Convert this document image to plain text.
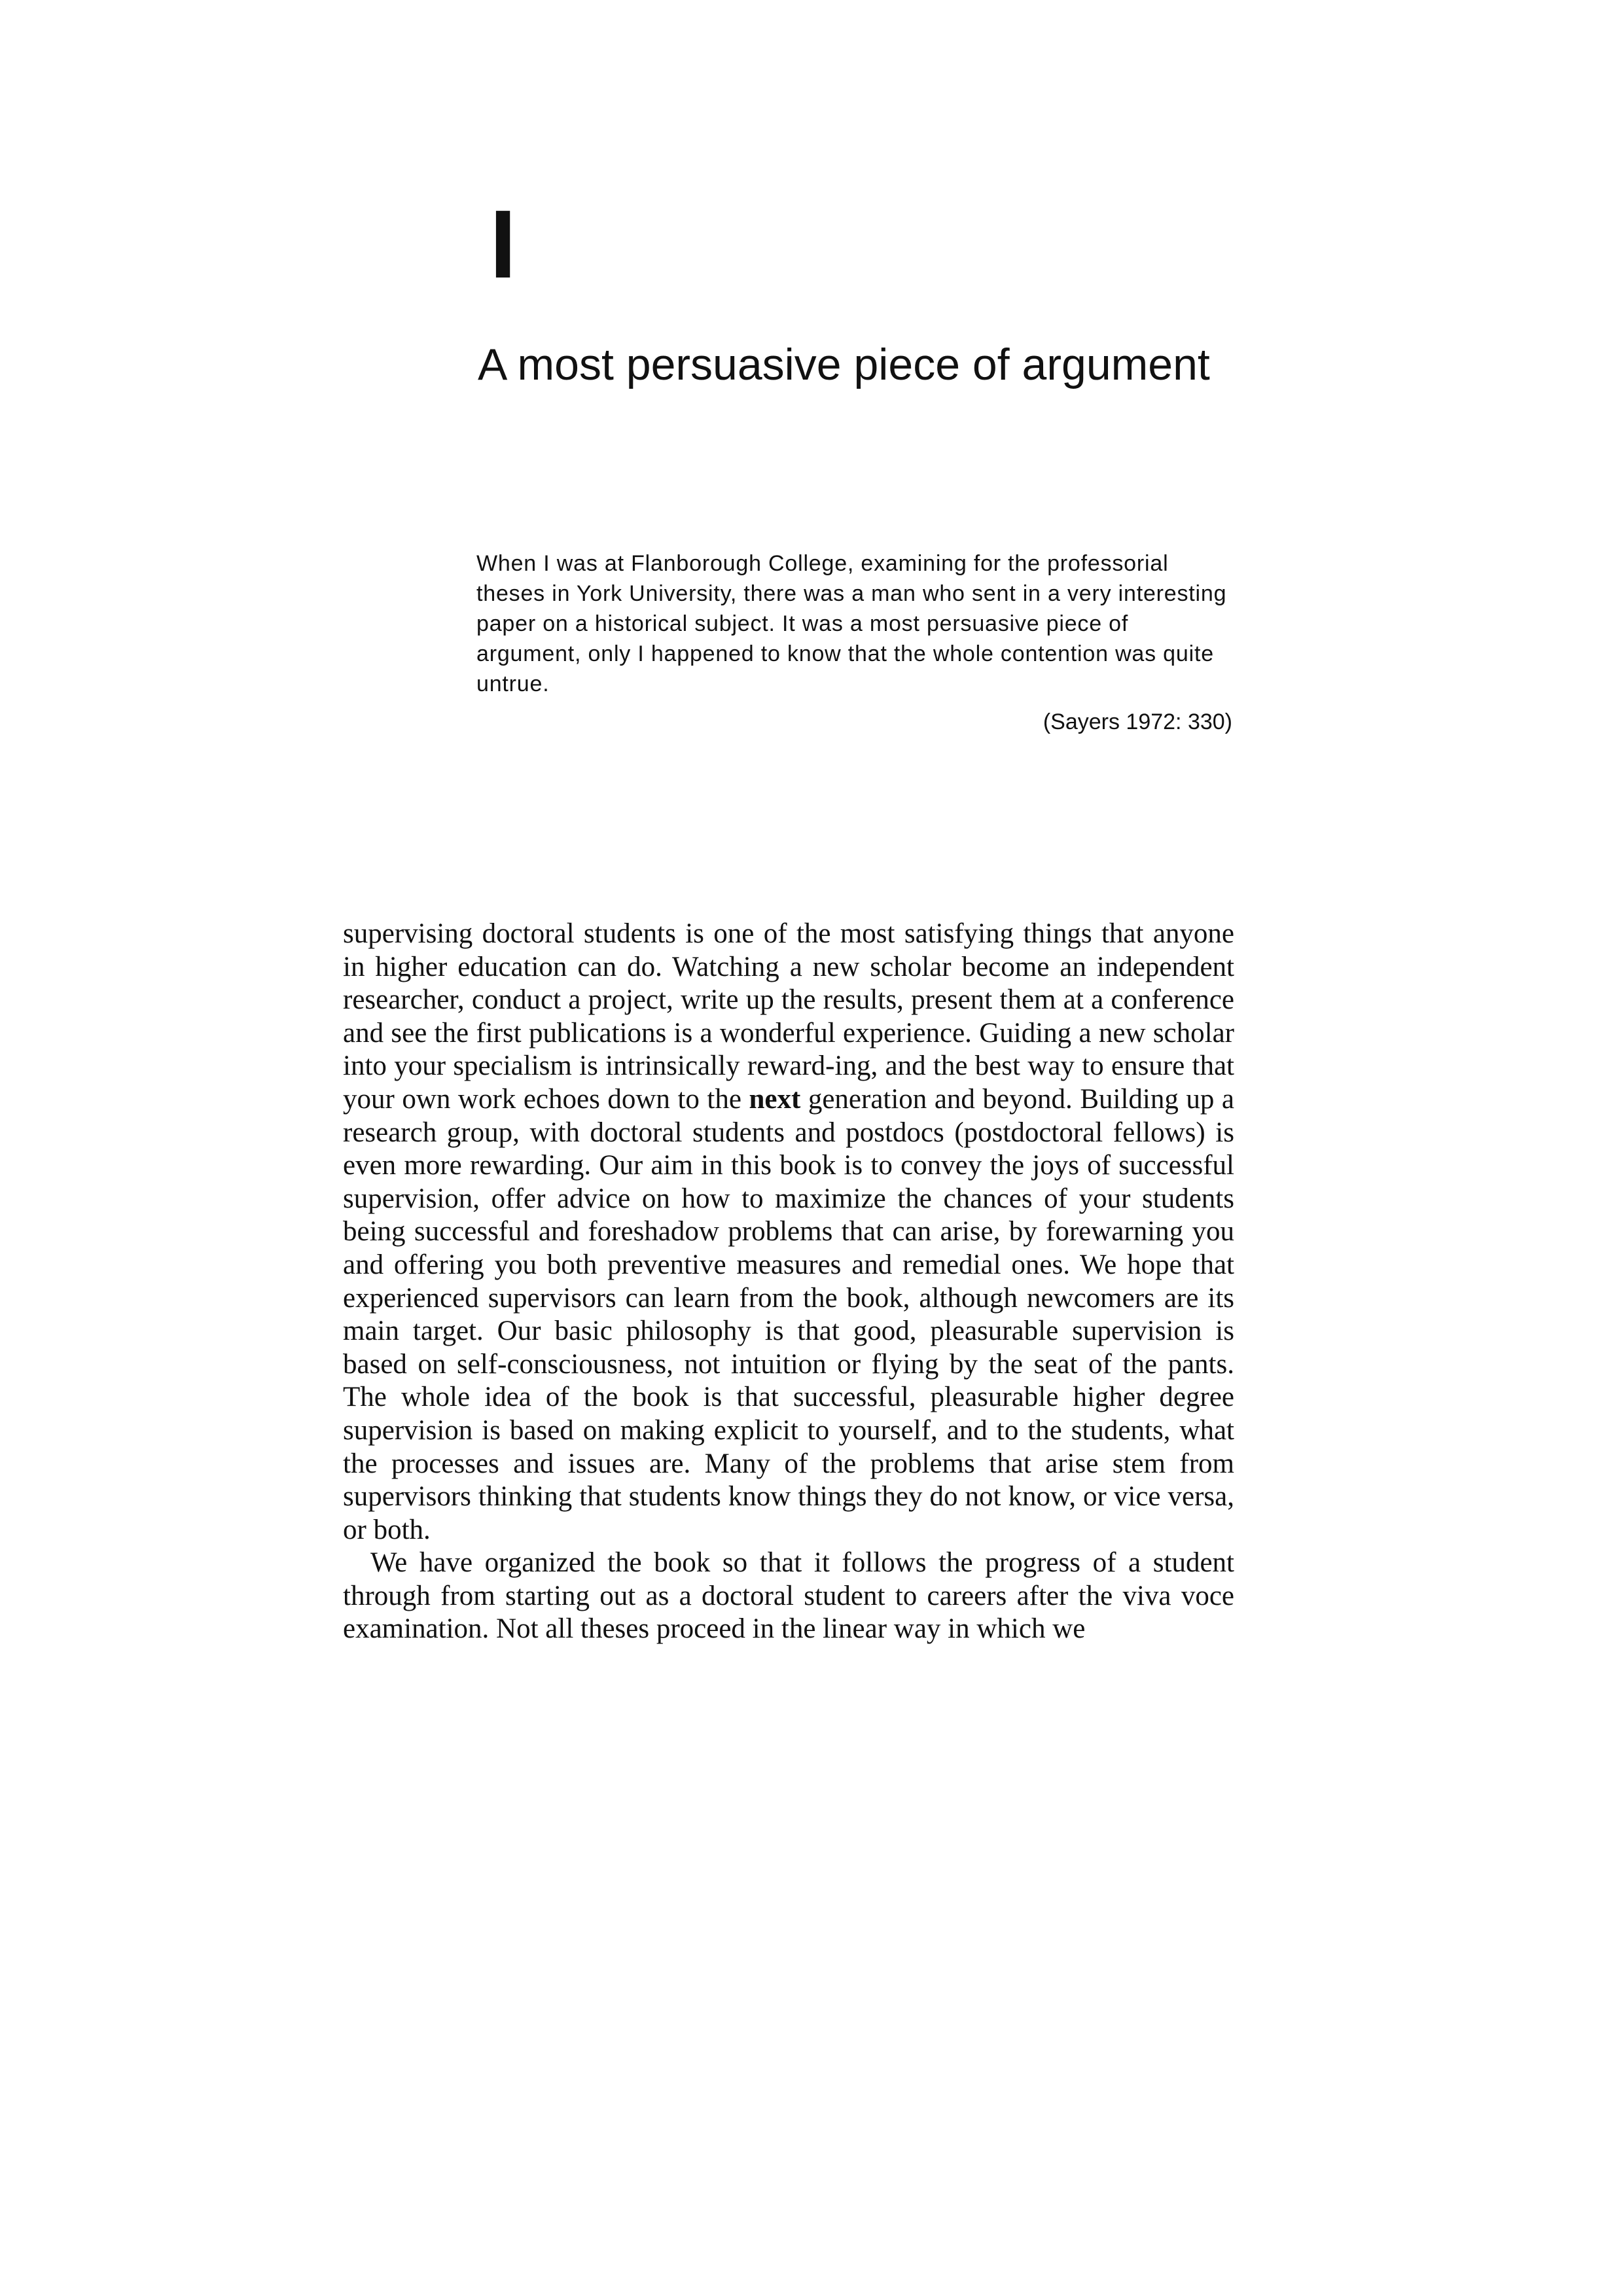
I
A most persuasive piece of argument

When I was at Flanborough College, examining for the professorial theses in York University, there was a man who sent in a very interesting paper on a historical subject. It was a most persuasive piece of argument, only I happened to know that the whole contention was quite untrue.

(Sayers 1972: 330)

supervising doctoral students is one of the most satisfying things that anyone in higher education can do. Watching a new scholar become an independent researcher, conduct a project, write up the results, present them at a conference and see the first publications is a wonderful experience. Guiding a new scholar into your specialism is intrinsically reward-ing, and the best way to ensure that your own work echoes down to the next generation and beyond. Building up a research group, with doctoral students and postdocs (postdoctoral fellows) is even more rewarding. Our aim in this book is to convey the joys of successful supervision, offer advice on how to maximize the chances of your students being successful and foreshadow problems that can arise, by forewarning you and offering you both preventive measures and remedial ones. We hope that experienced supervisors can learn from the book, although newcomers are its main target. Our basic philosophy is that good, pleasurable supervision is based on self-consciousness, not intuition or flying by the seat of the pants. The whole idea of the book is that successful, pleasurable higher degree supervision is based on making explicit to yourself, and to the students, what the processes and issues are. Many of the problems that arise stem from supervisors thinking that students know things they do not know, or vice versa, or both.

We have organized the book so that it follows the progress of a student through from starting out as a doctoral student to careers after the viva voce examination. Not all theses proceed in the linear way in which we
